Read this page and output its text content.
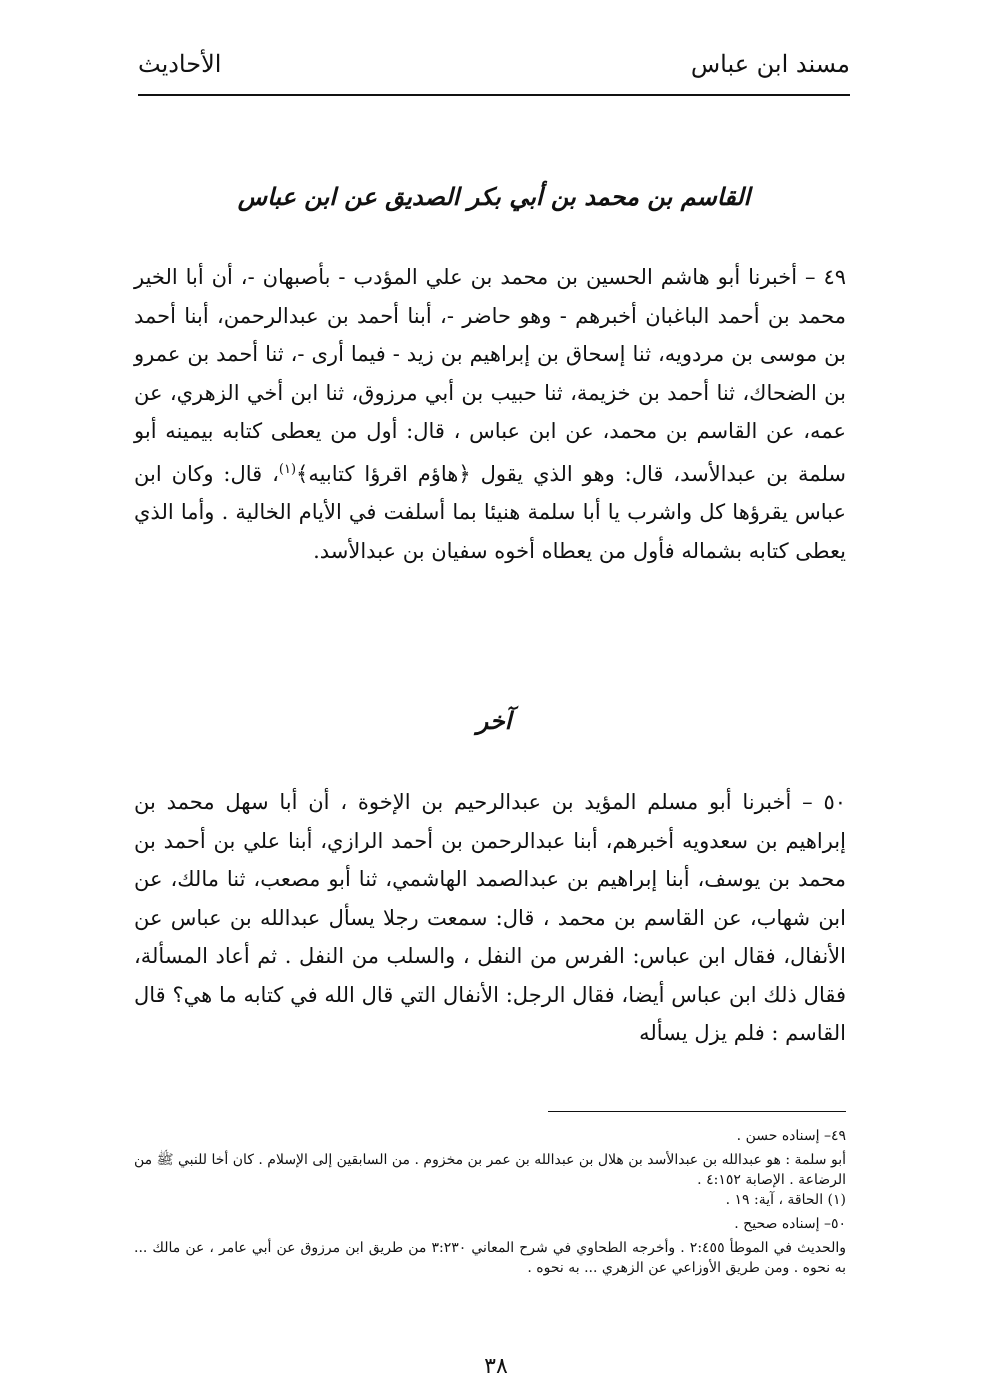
مسند ابن عباس
الأحاديث
القاسم بن محمد بن أبي بكر الصديق عن ابن عباس
٤٩ – أخبرنا أبو هاشم الحسين بن محمد بن علي المؤدب - بأصبهان -، أن أبا الخير محمد بن أحمد الباغبان أخبرهم - وهو حاضر -، أبنا أحمد بن عبدالرحمن، أبنا أحمد بن موسى بن مردويه، ثنا إسحاق بن إبراهيم بن زيد - فيما أرى -، ثنا أحمد بن عمرو بن الضحاك، ثنا أحمد بن خزيمة، ثنا حبيب بن أبي مرزوق، ثنا ابن أخي الزهري، عن عمه، عن القاسم بن محمد، عن ابن عباس ، قال: أول من يعطى كتابه بيمينه أبو سلمة بن عبدالأسد، قال: وهو الذي يقول ﴿هاؤم اقرؤا كتابيه﴾$^{(١)}$، قال: وكان ابن عباس يقرؤها كل واشرب يا أبا سلمة هنيئا بما أسلفت في الأيام الخالية . وأما الذي يعطى كتابه بشماله فأول من يعطاه أخوه سفيان بن عبدالأسد.
آخر
٥٠ – أخبرنا أبو مسلم المؤيد بن عبدالرحيم بن الإخوة ، أن أبا سهل محمد بن إبراهيم بن سعدويه أخبرهم، أبنا عبدالرحمن بن أحمد الرازي، أبنا علي بن أحمد بن محمد بن يوسف، أبنا إبراهيم بن عبدالصمد الهاشمي، ثنا أبو مصعب، ثنا مالك، عن ابن شهاب، عن القاسم بن محمد ، قال: سمعت رجلا يسأل عبدالله بن عباس عن الأنفال، فقال ابن عباس: الفرس من النفل ، والسلب من النفل . ثم أعاد المسألة، فقال ذلك ابن عباس أيضا، فقال الرجل: الأنفال التي قال الله في كتابه ما هي؟ قال القاسم : فلم يزل يسأله

٤٩– إسناده حسن .

أبو سلمة : هو عبدالله بن عبدالأسد بن هلال بن عبدالله بن عمر بن مخزوم . من السابقين إلى الإسلام . كان أخا للنبي ﷺ من الرضاعة . الإصابة ٤:١٥٢ .

(١) الحاقة ، آية: ١٩ .

٥٠– إسناده صحيح .

والحديث في الموطأ ٢:٤٥٥ . وأخرجه الطحاوي في شرح المعاني ٣:٢٣٠ من طريق ابن مرزوق عن أبي عامر ، عن مالك ... به نحوه . ومن طريق الأوزاعي عن الزهري ... به نحوه .

٣٨
